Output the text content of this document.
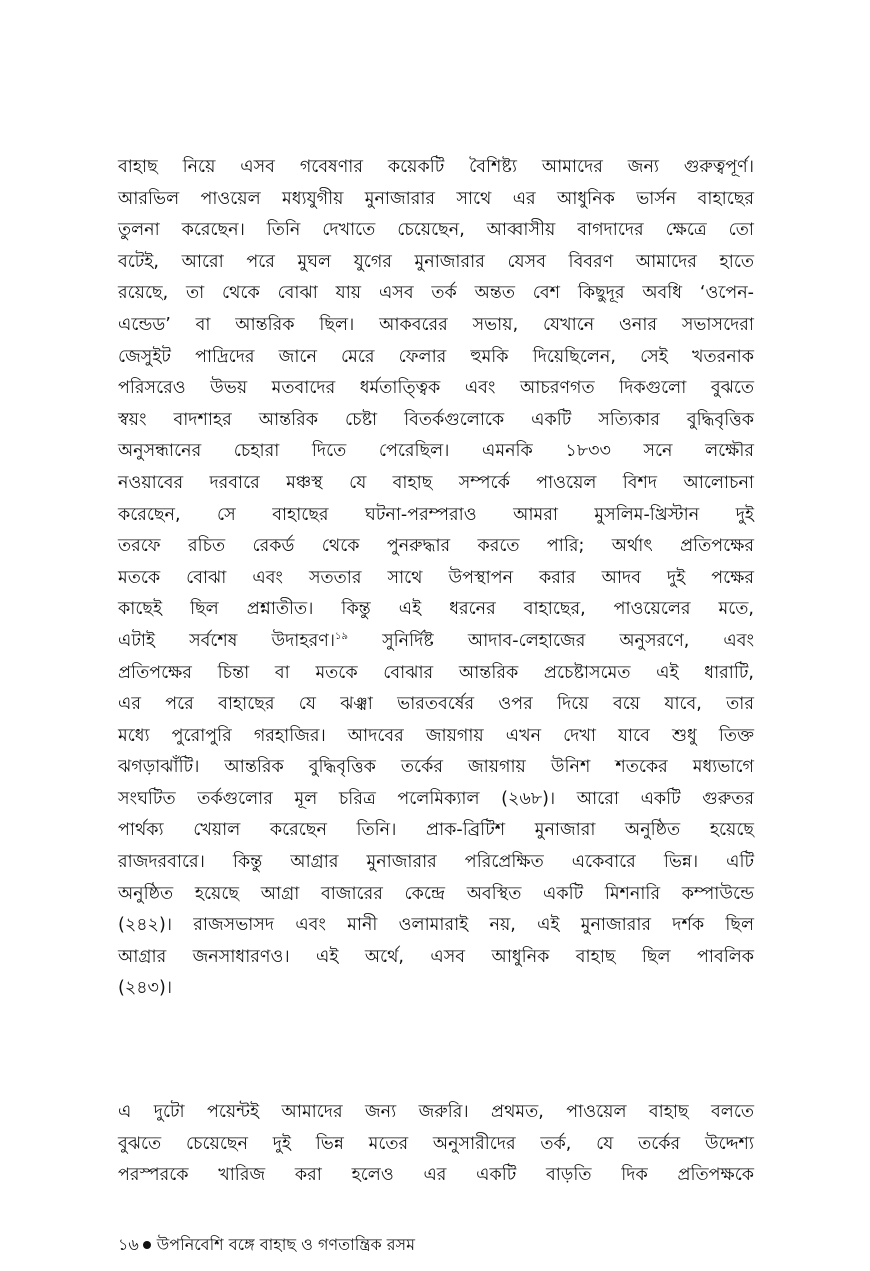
বাহাছ নিয়ে এসব গবেষণার কয়েকটি বৈশিষ্ট্য আমাদের জন্য গুরুত্বপূর্ণ।
আরভিল পাওয়েল মধ্যযুগীয় মুনাজারার সাথে এর আধুনিক ভার্সন বাহাছের
তুলনা করেছেন। তিনি দেখাতে চেয়েছেন, আব্বাসীয় বাগদাদের ক্ষেত্রে তো
বটেই, আরো পরে মুঘল যুগের মুনাজারার যেসব বিবরণ আমাদের হাতে
রয়েছে, তা থেকে বোঝা যায় এসব তর্ক অন্তত বেশ কিছুদূর অবধি ‘ওপেন-
এন্ডেড’ বা আন্তরিক ছিল। আকবরের সভায়, যেখানে ওনার সভাসদেরা
জেসুইট পাদ্রিদের জানে মেরে ফেলার হুমকি দিয়েছিলেন, সেই খতরনাক
পরিসরেও উভয় মতবাদের ধর্মতাত্ত্বিক এবং আচরণগত দিকগুলো বুঝতে
স্বয়ং বাদশাহর আন্তরিক চেষ্টা বিতর্কগুলোকে একটি সত্যিকার বুদ্ধিবৃত্তিক
অনুসন্ধানের চেহারা দিতে পেরেছিল। এমনকি ১৮৩৩ সনে লক্ষৌর
নওয়াবের দরবারে মঞ্চস্থ যে বাহাছ সম্পর্কে পাওয়েল বিশদ আলোচনা
করেছেন, সে বাহাছের ঘটনা-পরম্পরাও আমরা মুসলিম-খ্রিস্টান দুই
তরফে রচিত রেকর্ড থেকে পুনরুদ্ধার করতে পারি; অর্থাৎ প্রতিপক্ষের
মতকে বোঝা এবং সততার সাথে উপস্থাপন করার আদব দুই পক্ষের
কাছেই ছিল প্রশ্নাতীত। কিন্তু এই ধরনের বাহাছের, পাওয়েলের মতে,
এটাই সর্বশেষ উদাহরণ।$^{১৯}$ সুনির্দিষ্ট আদাব-লেহাজের অনুসরণে, এবং
প্রতিপক্ষের চিন্তা বা মতকে বোঝার আন্তরিক প্রচেষ্টাসমেত এই ধারাটি,
এর পরে বাহাছের যে ঝঞ্ঝা ভারতবর্ষের ওপর দিয়ে বয়ে যাবে, তার
মধ্যে পুরোপুরি গরহাজির। আদবের জায়গায় এখন দেখা যাবে শুধু তিক্ত
ঝগড়াঝাঁটি। আন্তরিক বুদ্ধিবৃত্তিক তর্কের জায়গায় উনিশ শতকের মধ্যভাগে
সংঘটিত তর্কগুলোর মূল চরিত্র পলেমিক্যাল (২৬৮)। আরো একটি গুরুতর
পার্থক্য খেয়াল করেছেন তিনি। প্রাক-ব্রিটিশ মুনাজারা অনুষ্ঠিত হয়েছে
রাজদরবারে। কিন্তু আগ্রার মুনাজারার পরিপ্রেক্ষিত একেবারে ভিন্ন। এটি
অনুষ্ঠিত হয়েছে আগ্রা বাজারের কেন্দ্রে অবস্থিত একটি মিশনারি কম্পাউন্ডে
(২৪২)। রাজসভাসদ এবং মানী ওলামারাই নয়, এই মুনাজারার দর্শক ছিল
আগ্রার জনসাধারণও। এই অর্থে, এসব আধুনিক বাহাছ ছিল পাবলিক
(২৪৩)।
এ দুটো পয়েন্টই আমাদের জন্য জরুরি। প্রথমত, পাওয়েল বাহাছ বলতে
বুঝতে চেয়েছেন দুই ভিন্ন মতের অনুসারীদের তর্ক, যে তর্কের উদ্দেশ্য
পরস্পরকে খারিজ করা হলেও এর একটি বাড়তি দিক প্রতিপক্ষকে
১৬ উপনিবেশি বঙ্গে বাহাছ ও গণতান্ত্রিক রসম
